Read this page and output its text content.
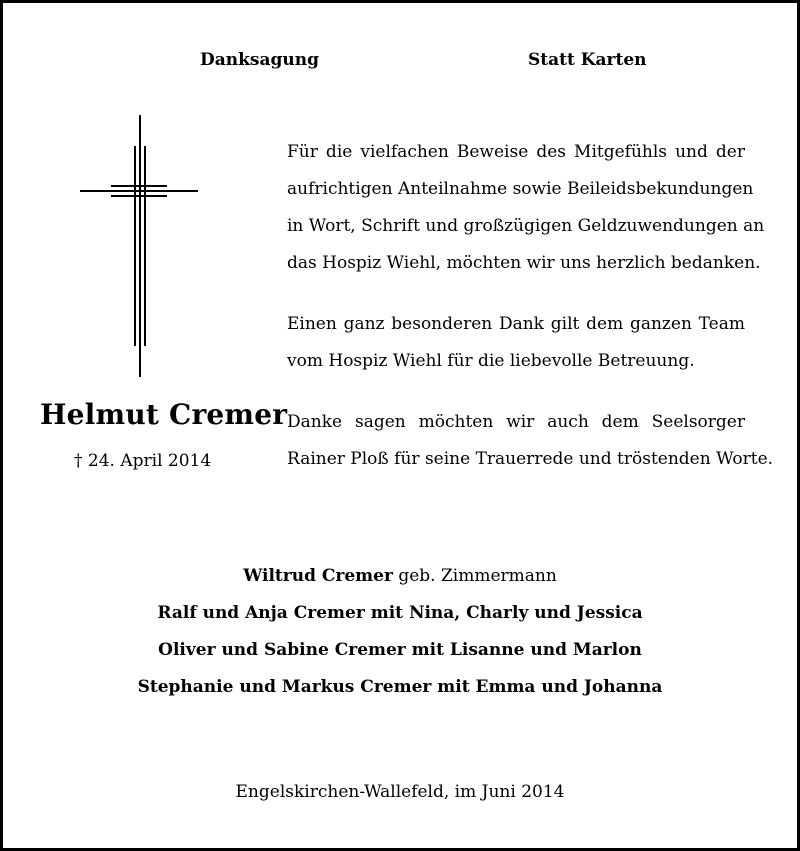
Danksagung	Statt Karten
Helmut Cremer
† 24. April 2014
Für die vielfachen Beweise des Mitgefühls und der
aufrichtigen Anteilnahme sowie Beileidsbekundungen
in Wort, Schrift und großzügigen Geldzuwendungen an
das Hospiz Wiehl, möchten wir uns herzlich bedanken.
Einen ganz besonderen Dank gilt dem ganzen Team
vom Hospiz Wiehl für die liebevolle Betreuung.
Danke sagen möchten wir auch dem Seelsorger
Rainer Ploß für seine Trauerrede und tröstenden Worte.
Wiltrud Cremer geb. Zimmermann
Ralf und Anja Cremer mit Nina, Charly und Jessica
Oliver und Sabine Cremer mit Lisanne und Marlon
Stephanie und Markus Cremer mit Emma und Johanna
Engelskirchen-Wallefeld, im Juni 2014
